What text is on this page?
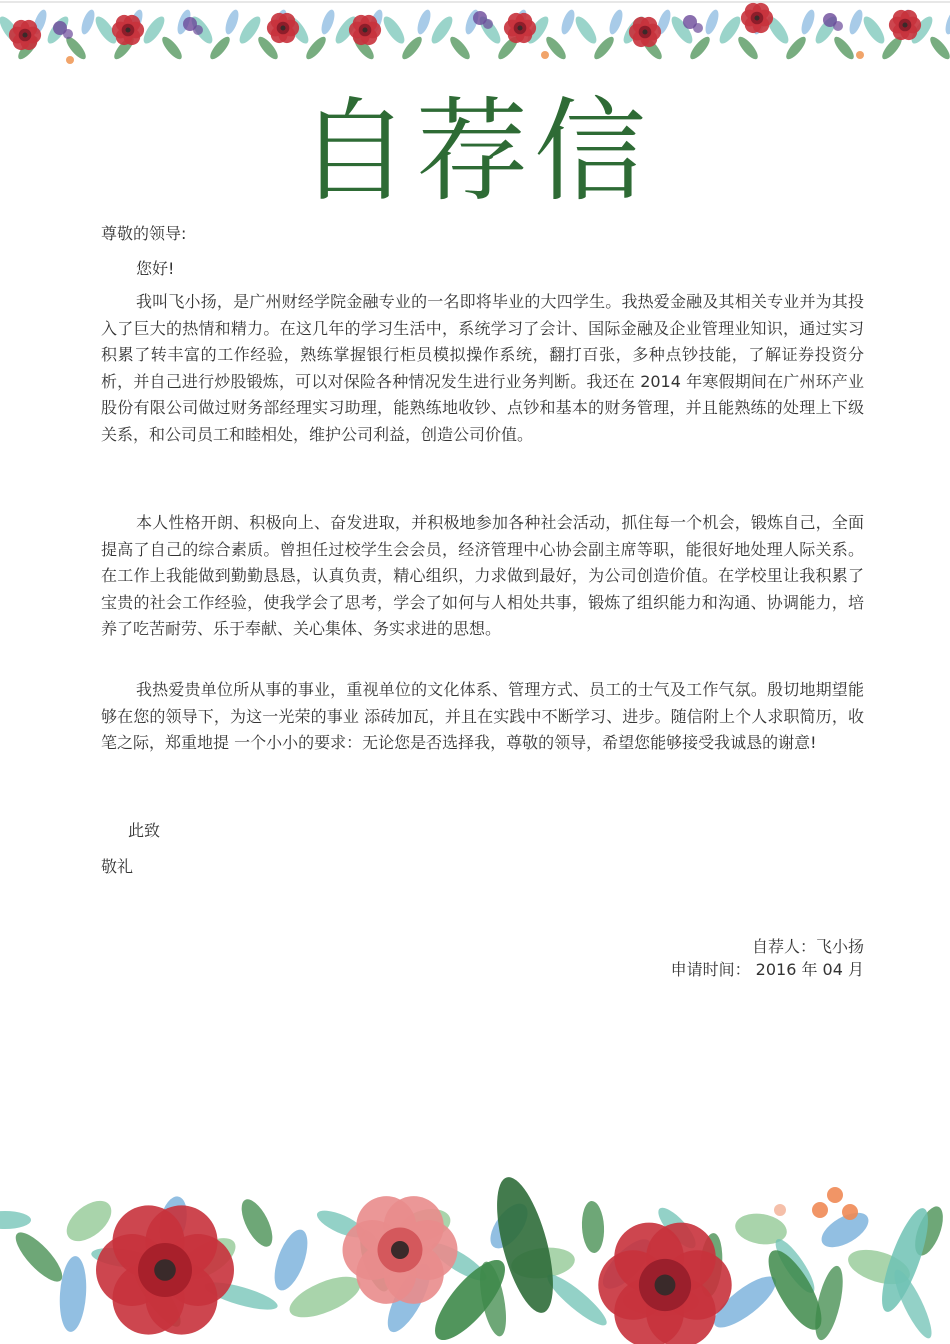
自荐信
尊敬的领导:
您好!

我叫飞小扬，是广州财经学院金融专业的一名即将毕业的大四学生。我热爱金融及其相关专业并为其投入了巨大的热情和精力。在这几年的学习生活中，系统学习了会计、国际金融及企业管理业知识，通过实习积累了转丰富的工作经验，熟练掌握银行柜员模拟操作系统，翻打百张，多种点钞技能，了解证券投资分析，并自己进行炒股锻炼，可以对保险各种情况发生进行业务判断。我还在 2014 年寒假期间在广州环产业股份有限公司做过财务部经理实习助理，能熟练地收钞、点钞和基本的财务管理，并且能熟练的处理上下级关系，和公司员工和睦相处，维护公司利益，创造公司价值。

本人性格开朗、积极向上、奋发进取，并积极地参加各种社会活动，抓住每一个机会，锻炼自己，全面提高了自己的综合素质。曾担任过校学生会会员，经济管理中心协会副主席等职，能很好地处理人际关系。在工作上我能做到勤勤恳恳，认真负责，精心组织，力求做到最好，为公司创造价值。在学校里让我积累了宝贵的社会工作经验，使我学会了思考，学会了如何与人相处共事，锻炼了组织能力和沟通、协调能力，培养了吃苦耐劳、乐于奉献、关心集体、务实求进的思想。

我热爱贵单位所从事的事业，重视单位的文化体系、管理方式、员工的士气及工作气氛。殷切地期望能够在您的领导下，为这一光荣的事业 添砖加瓦，并且在实践中不断学习、进步。随信附上个人求职简历，收笔之际，郑重地提 一个小小的要求：无论您是否选择我，尊敬的领导，希望您能够接受我诚恳的谢意!

此致
敬礼
自荐人：飞小扬
申请时间： 2016 年 04 月
